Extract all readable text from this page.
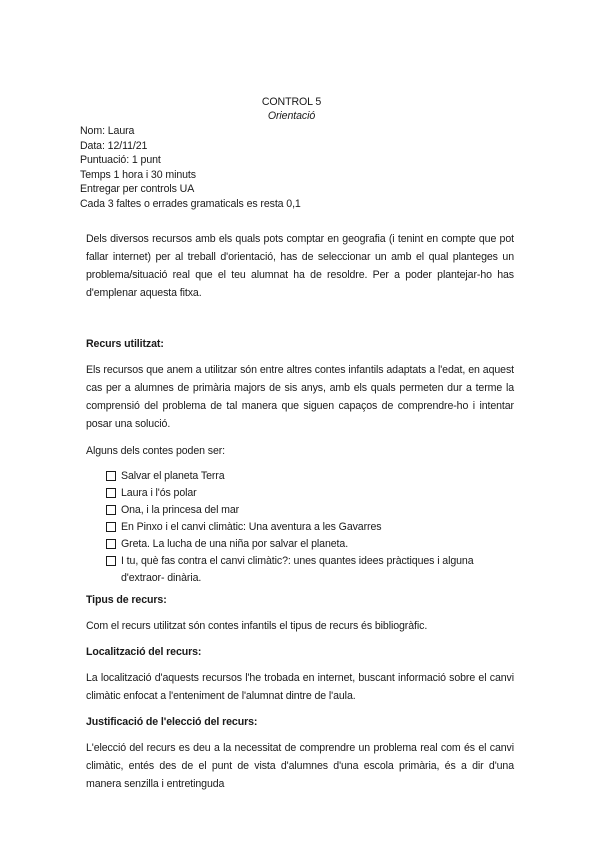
CONTROL 5
Orientació
Nom: Laura
Data: 12/11/21
Puntuació: 1 punt
Temps 1 hora i 30 minuts
Entregar per controls UA
Cada 3 faltes o errades gramaticals es resta 0,1

Dels diversos recursos amb els quals pots comptar en geografia (i tenint en compte que pot fallar internet) per al treball d'orientació, has de seleccionar un amb el qual planteges un problema/situació real que el teu alumnat ha de resoldre. Per a poder plantejar-ho has d'emplenar aquesta fitxa.

Recurs utilitzat:

Els recursos que anem a utilitzar són entre altres contes infantils adaptats a l'edat, en aquest cas per a alumnes de primària majors de sis anys, amb els quals permeten dur a terme la comprensió del problema de tal manera que siguen capaços de comprendre-ho i intentar posar una solució.

Alguns dels contes poden ser:

Salvar el planeta Terra
Laura i l'ós polar
Ona, i la princesa del mar
En Pinxo i el canvi climàtic: Una aventura a les Gavarres
Greta. La lucha de una niña por salvar el planeta.
I tu, què fas contra el canvi climàtic?: unes quantes idees pràctiques i alguna d'extraor- dinària.

Tipus de recurs:

Com el recurs utilitzat són contes infantils el tipus de recurs és bibliogràfic.

Localització del recurs:

La localització d'aquests recursos l'he trobada en internet, buscant informació sobre el canvi climàtic enfocat a l'enteniment de l'alumnat dintre de l'aula.

Justificació de l'elecció del recurs:

L'elecció del recurs es deu a la necessitat de comprendre un problema real com és el canvi climàtic, entés des de el punt de vista d'alumnes d'una escola primària, és a dir d'una manera senzilla i entretinguda
